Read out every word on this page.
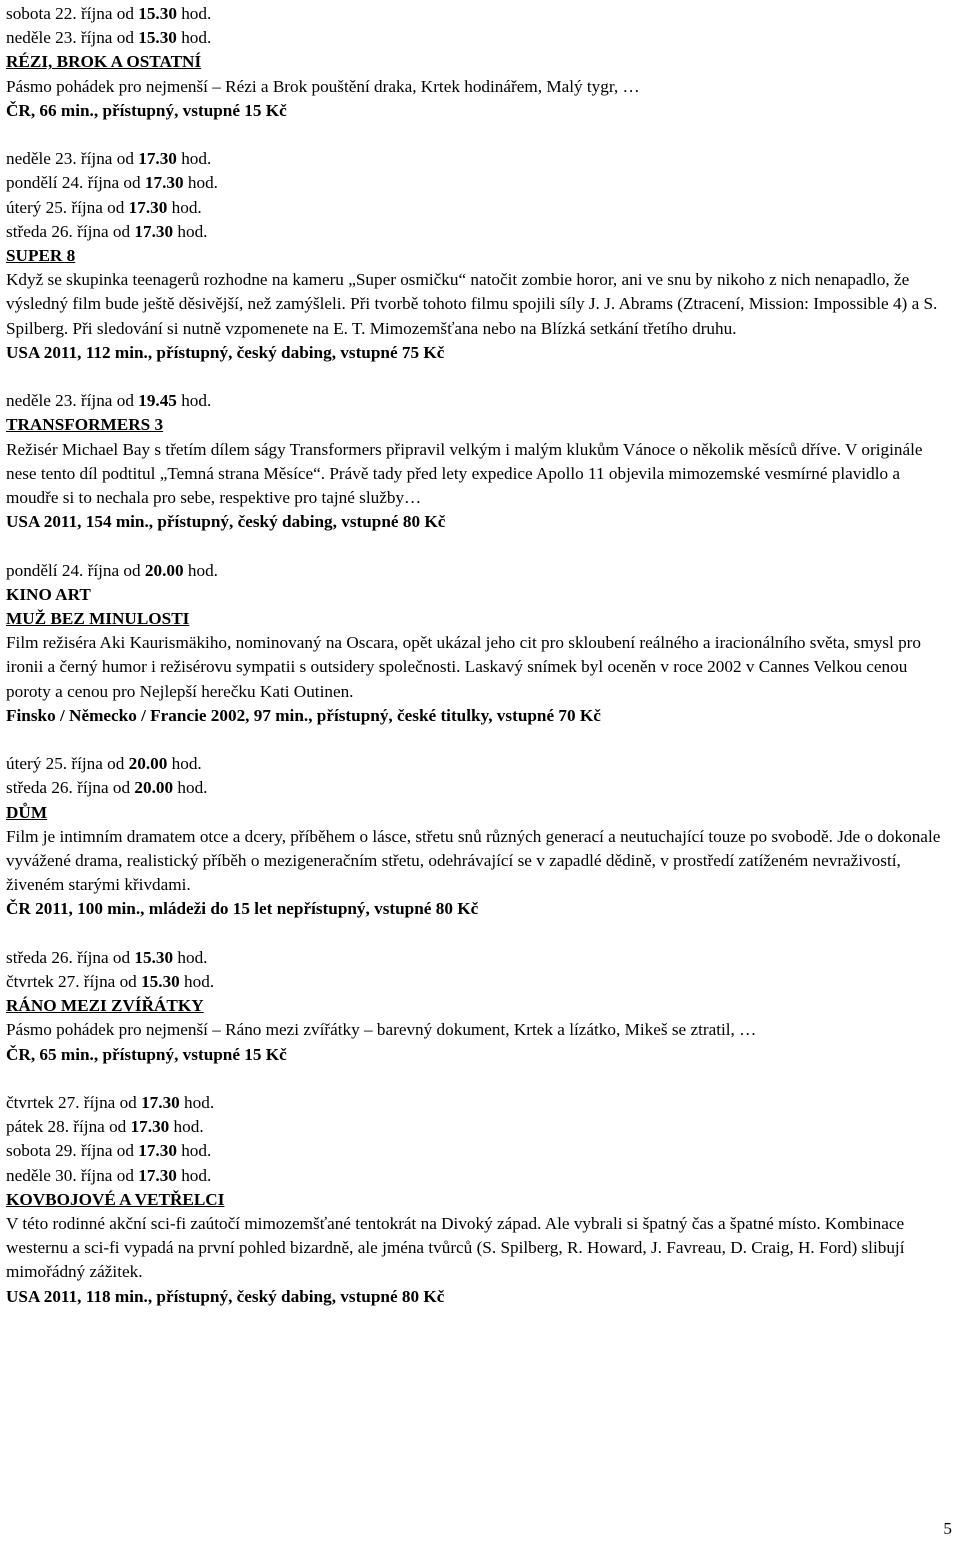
sobota 22. října od 15.30 hod.
neděle 23. října od 15.30 hod.
RÉZI, BROK A OSTATNÍ
Pásmo pohádek pro nejmenší – Rézi a Brok pouštění draka, Krtek hodinářem, Malý tygr, …
ČR, 66 min., přístupný, vstupné 15 Kč
neděle 23. října od 17.30 hod.
pondělí 24. října od 17.30 hod.
úterý 25. října od 17.30 hod.
středa 26. října od 17.30 hod.
SUPER 8
Když se skupinka teenagerů rozhodne na kameru „Super osmičku“ natočit zombie horor, ani ve snu by nikoho z nich nenapadlo, že výsledný film bude ještě děsivější, než zamýšleli. Při tvorbě tohoto filmu spojili síly J. J. Abrams (Ztracení, Mission: Impossible 4) a S. Spilberg. Při sledování si nutně vzpomenete na E. T. Mimozemšťana nebo na Blízká setkání třetího druhu.
USA 2011, 112 min., přístupný, český dabing, vstupné 75 Kč
neděle 23. října od 19.45 hod.
TRANSFORMERS 3
Režisér Michael Bay s třetím dílem ságy Transformers připravil velkým i malým klukům Vánoce o několik měsíců dříve. V originále nese tento díl podtitul „Temná strana Měsíce“. Právě tady před lety expedice Apollo 11 objevila mimozemské vesmírné plavidlo a moudře si to nechala pro sebe, respektive pro tajné služby…
USA 2011, 154 min., přístupný, český dabing, vstupné 80 Kč
pondělí 24. října od 20.00 hod.
KINO ART
MUŽ BEZ MINULOSTI
Film režiséra Aki Kaurismäkiho, nominovaný na Oscara, opět ukázal jeho cit pro skloubení reálného a iracionálního světa, smysl pro ironii a černý humor i režisérovu sympatii s outsidery společnosti. Laskavý snímek byl oceněn v roce 2002 v Cannes Velkou cenou poroty a cenou pro Nejlepší herečku Kati Outinen.
Finsko / Německo / Francie 2002, 97 min., přístupný, české titulky, vstupné 70 Kč
úterý 25. října od 20.00 hod.
středa 26. října od 20.00 hod.
DŮM
Film je intimním dramatem otce a dcery, příběhem o lásce, střetu snů různých generací a neutuchající touze po svobodě. Jde o dokonale vyvážené drama, realistický příběh o mezigeneračním střetu, odehrávající se v zapadlé dědině, v prostředí zatíženém nevraživostí, živeném starými křivdami.
ČR 2011, 100 min., mládeži do 15 let nepřístupný, vstupné 80 Kč
středa 26. října od 15.30 hod.
čtvrtek 27. října od 15.30 hod.
RÁNO MEZI ZVÍŘÁTKY
Pásmo pohádek pro nejmenší – Ráno mezi zvířátky – barevný dokument, Krtek a lízátko, Mikeš se ztratil, …
ČR, 65 min., přístupný, vstupné 15 Kč
čtvrtek 27. října od 17.30 hod.
pátek 28. října od 17.30 hod.
sobota 29. října od 17.30 hod.
neděle 30. října od 17.30 hod.
KOVBOJOVÉ A VETŘELCI
V této rodinné akční sci-fi zaútočí mimozemšťané tentokrát na Divoký západ. Ale vybrali si špatný čas a špatné místo. Kombinace westernu a sci-fi vypadá na první pohled bizardně, ale jména tvůrců (S. Spilberg, R. Howard, J. Favreau, D. Craig, H. Ford) slibují mimořádný zážitek.
USA 2011, 118 min., přístupný, český dabing, vstupné 80 Kč
5
